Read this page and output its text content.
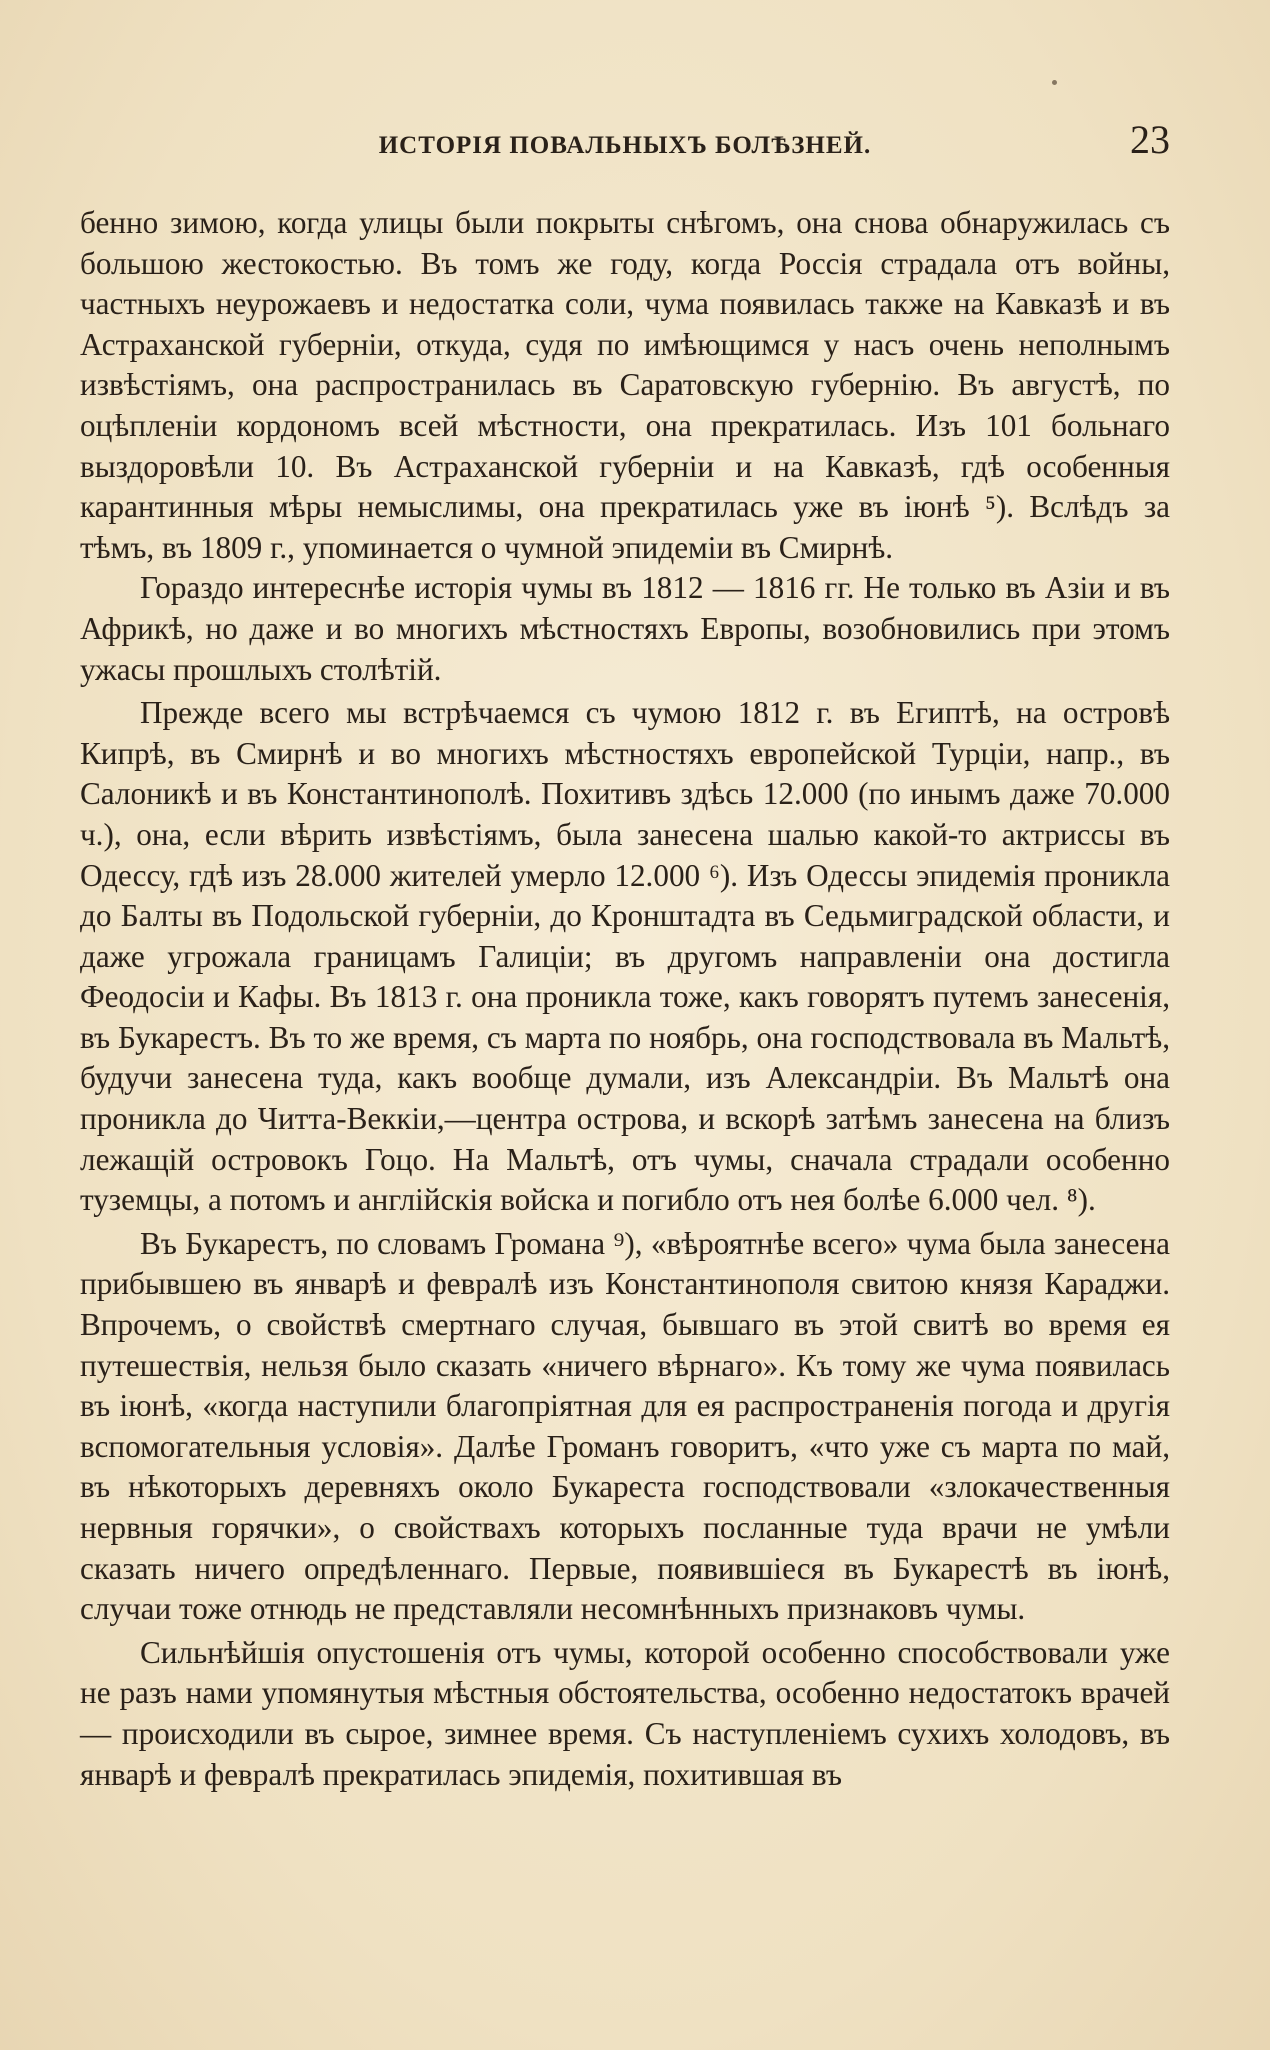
ИСТОРІЯ ПОВАЛЬНЫХЪ БОЛѢЗНЕЙ.	23

бенно зимою, когда улицы были покрыты снѣгомъ, она снова обнаружилась съ большою жестокостью. Въ томъ же году, когда Россія страдала отъ войны, частныхъ неурожаевъ и недостатка соли, чума появилась также на Кавказѣ и въ Астраханской губерніи, откуда, судя по имѣющимся у насъ очень неполнымъ извѣстіямъ, она распространилась въ Саратовскую губернію. Въ августѣ, по оцѣпленіи кордономъ всей мѣстности, она прекратилась. Изъ 101 больнаго выздоровѣли 10. Въ Астраханской губерніи и на Кавказѣ, гдѣ особенныя карантинныя мѣры немыслимы, она прекратилась уже въ іюнѣ ⁵). Вслѣдъ за тѣмъ, въ 1809 г., упоминается о чумной эпидеміи въ Смирнѣ.

Гораздо интереснѣе исторія чумы въ 1812 — 1816 гг. Не только въ Азіи и въ Африкѣ, но даже и во многихъ мѣстностяхъ Европы, возобновились при этомъ ужасы прошлыхъ столѣтій.

Прежде всего мы встрѣчаемся съ чумою 1812 г. въ Египтѣ, на островѣ Кипрѣ, въ Смирнѣ и во многихъ мѣстностяхъ европейской Турціи, напр., въ Салоникѣ и въ Константинополѣ. Похитивъ здѣсь 12.000 (по инымъ даже 70.000 ч.), она, если вѣрить извѣстіямъ, была занесена шалью какой-то актриссы въ Одессу, гдѣ изъ 28.000 жителей умерло 12.000 ⁶). Изъ Одессы эпидемія проникла до Балты въ Подольской губерніи, до Кронштадта въ Седьмиградской области, и даже угрожала границамъ Галиціи; въ другомъ направленіи она достигла Феодосіи и Кафы. Въ 1813 г. она проникла тоже, какъ говорятъ путемъ занесенія, въ Букарестъ. Въ то же время, съ марта по ноябрь, она господствовала въ Мальтѣ, будучи занесена туда, какъ вообще думали, изъ Александріи. Въ Мальтѣ она проникла до Читта-Веккіи,—центра острова, и вскорѣ затѣмъ занесена на близъ лежащій островокъ Гоцо. На Мальтѣ, отъ чумы, сначала страдали особенно туземцы, а потомъ и англійскія войска и погибло отъ нея болѣе 6.000 чел. ⁸).

Въ Букарестъ, по словамъ Громана ⁹), «вѣроятнѣе всего» чума была занесена прибывшею въ январѣ и февралѣ изъ Константинополя свитою князя Караджи. Впрочемъ, о свойствѣ смертнаго случая, бывшаго въ этой свитѣ во время ея путешествія, нельзя было сказать «ничего вѣрнаго». Къ тому же чума появилась въ іюнѣ, «когда наступили благопріятная для ея распространенія погода и другія вспомогательныя условія». Далѣе Громанъ говоритъ, «что уже съ марта по май, въ нѣкоторыхъ деревняхъ около Букареста господствовали «злокачественныя нервныя горячки», о свойствахъ которыхъ посланные туда врачи не умѣли сказать ничего опредѣленнаго. Первые, появившіеся въ Букарестѣ въ іюнѣ, случаи тоже отнюдь не представляли несомнѣнныхъ признаковъ чумы.

Сильнѣйшія опустошенія отъ чумы, которой особенно способствовали уже не разъ нами упомянутыя мѣстныя обстоятельства, особенно недостатокъ врачей — происходили въ сырое, зимнее время. Съ наступленіемъ сухихъ холодовъ, въ январѣ и февралѣ прекратилась эпидемія, похитившая въ
